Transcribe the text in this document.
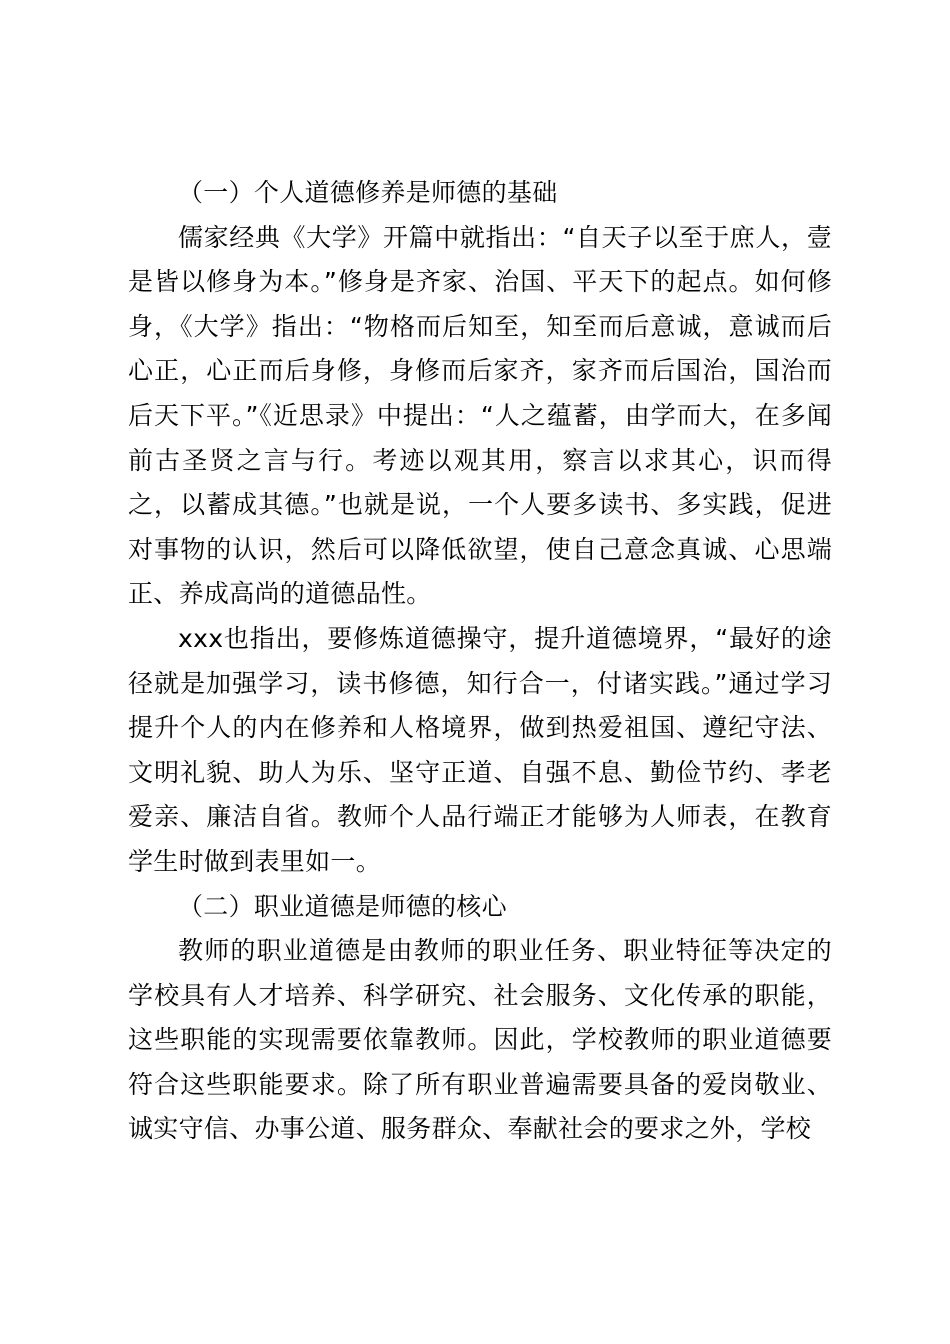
（一）个人道德修养是师德的基础

儒家经典《大学》开篇中就指出：“自天子以至于庶人，壹是皆以修身为本。”修身是齐家、治国、平天下的起点。如何修身，《大学》指出：“物格而后知至，知至而后意诚，意诚而后心正，心正而后身修，身修而后家齐，家齐而后国治，国治而后天下平。”《近思录》中提出：“人之蕴蓄，由学而大，在多闻前古圣贤之言与行。考迹以观其用，察言以求其心，识而得之，以蓄成其德。”也就是说，一个人要多读书、多实践，促进对事物的认识，然后可以降低欲望，使自己意念真诚、心思端正、养成高尚的道德品性。

xxx也指出，要修炼道德操守，提升道德境界，“最好的途径就是加强学习，读书修德，知行合一，付诸实践。”通过学习提升个人的内在修养和人格境界，做到热爱祖国、遵纪守法、文明礼貌、助人为乐、坚守正道、自强不息、勤俭节约、孝老爱亲、廉洁自省。教师个人品行端正才能够为人师表，在教育学生时做到表里如一。

（二）职业道德是师德的核心

教师的职业道德是由教师的职业任务、职业特征等决定的学校具有人才培养、科学研究、社会服务、文化传承的职能，这些职能的实现需要依靠教师。因此，学校教师的职业道德要符合这些职能要求。除了所有职业普遍需要具备的爱岗敬业、诚实守信、办事公道、服务群众、奉献社会的要求之外，学校
